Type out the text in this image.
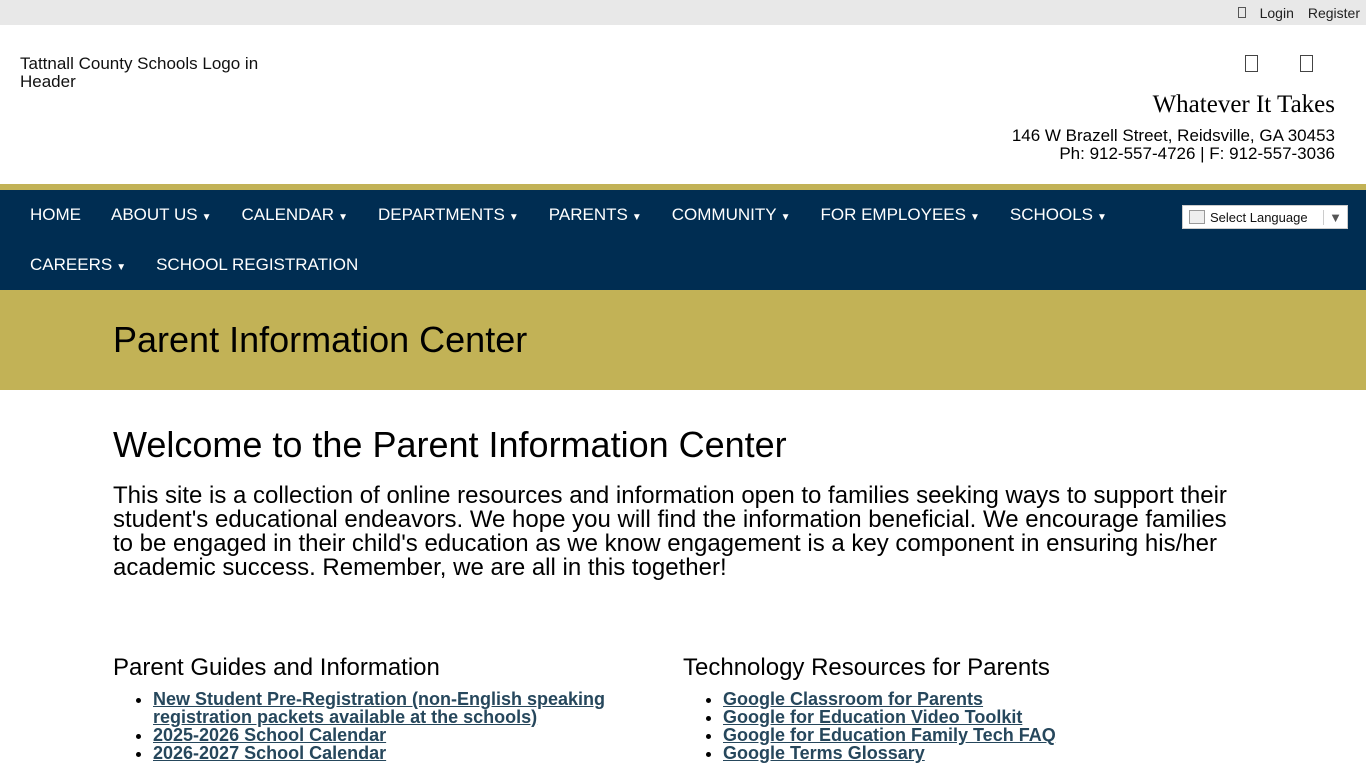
Login Register
Tattnall County Schools Logo in Header
Whatever It Takes
146 W Brazell Street, Reidsville, GA 30453
Ph: 912-557-4726 | F: 912-557-3036
HOME	ABOUT US ▼	CALENDAR ▼	DEPARTMENTS ▼	PARENTS ▼	COMMUNITY ▼	FOR EMPLOYEES ▼	SCHOOLS ▼
CAREERS ▼	SCHOOL REGISTRATION
Select Language	▼
Parent Information Center
Welcome to the Parent Information Center

This site is a collection of online resources and information open to families seeking ways to support their student's educational endeavors. We hope you will find the information beneficial. We encourage families to be engaged in their child's education as we know engagement is a key component in ensuring his/her academic success. Remember, we are all in this together!

Parent Guides and Information
• New Student Pre-Registration (non-English speaking registration packets available at the schools)
• 2025-2026 School Calendar
• 2026-2027 School Calendar
Technology Resources for Parents
• Google Classroom for Parents
• Google for Education Video Toolkit
• Google for Education Family Tech FAQ
• Google Terms Glossary
